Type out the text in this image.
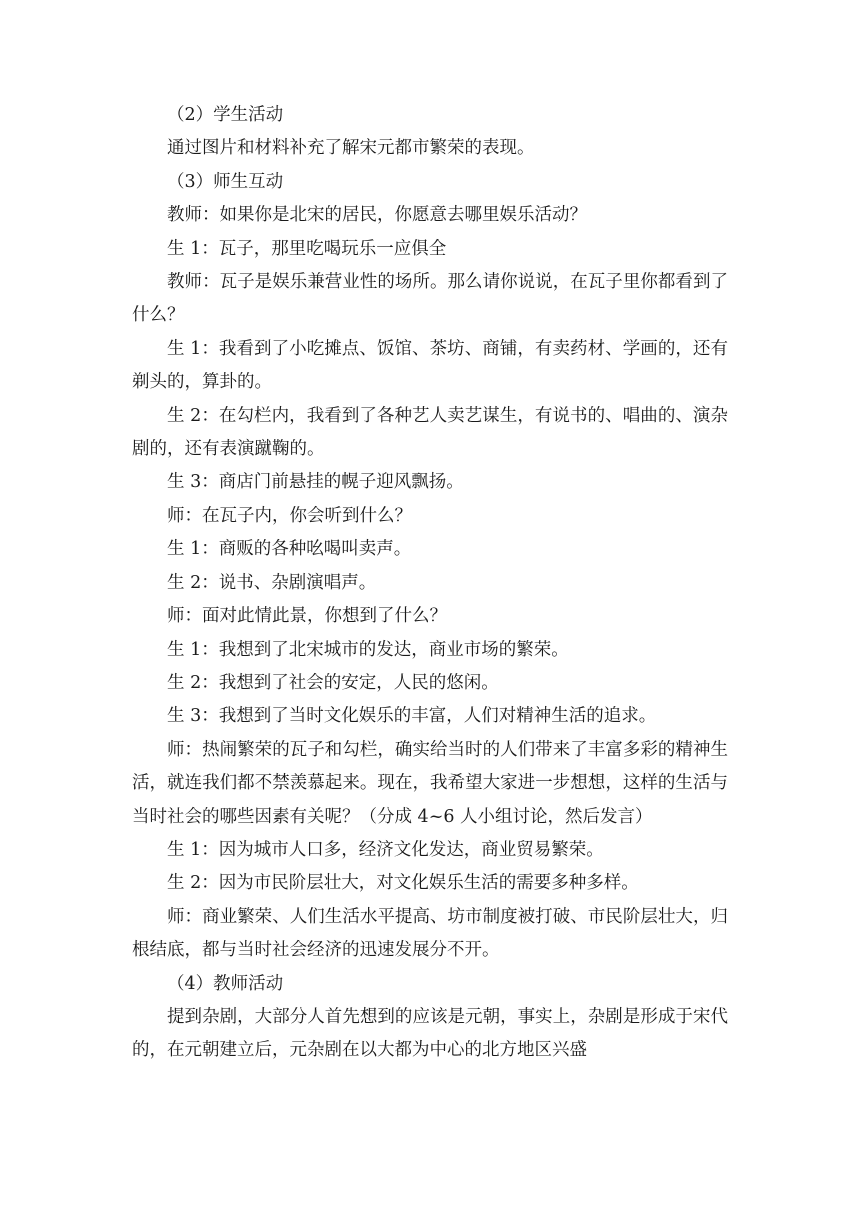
（2）学生活动

通过图片和材料补充了解宋元都市繁荣的表现。

（3）师生互动

教师：如果你是北宋的居民，你愿意去哪里娱乐活动？

生 1：瓦子，那里吃喝玩乐一应俱全

教师：瓦子是娱乐兼营业性的场所。那么请你说说，在瓦子里你都看到了什么？

生 1：我看到了小吃摊点、饭馆、茶坊、商铺，有卖药材、学画的，还有剃头的，算卦的。

生 2：在勾栏内，我看到了各种艺人卖艺谋生，有说书的、唱曲的、演杂剧的，还有表演蹴鞠的。

生 3：商店门前悬挂的幌子迎风飘扬。

师：在瓦子内，你会听到什么？

生 1：商贩的各种吆喝叫卖声。

生 2：说书、杂剧演唱声。

师：面对此情此景，你想到了什么？

生 1：我想到了北宋城市的发达，商业市场的繁荣。

生 2：我想到了社会的安定，人民的悠闲。

生 3：我想到了当时文化娱乐的丰富，人们对精神生活的追求。

师：热闹繁荣的瓦子和勾栏，确实给当时的人们带来了丰富多彩的精神生活，就连我们都不禁羡慕起来。现在，我希望大家进一步想想，这样的生活与当时社会的哪些因素有关呢？（分成 4~6 人小组讨论，然后发言）

生 1：因为城市人口多，经济文化发达，商业贸易繁荣。

生 2：因为市民阶层壮大，对文化娱乐生活的需要多种多样。

师：商业繁荣、人们生活水平提高、坊市制度被打破、市民阶层壮大，归根结底，都与当时社会经济的迅速发展分不开。

（4）教师活动

提到杂剧，大部分人首先想到的应该是元朝，事实上，杂剧是形成于宋代的，在元朝建立后，元杂剧在以大都为中心的北方地区兴盛
